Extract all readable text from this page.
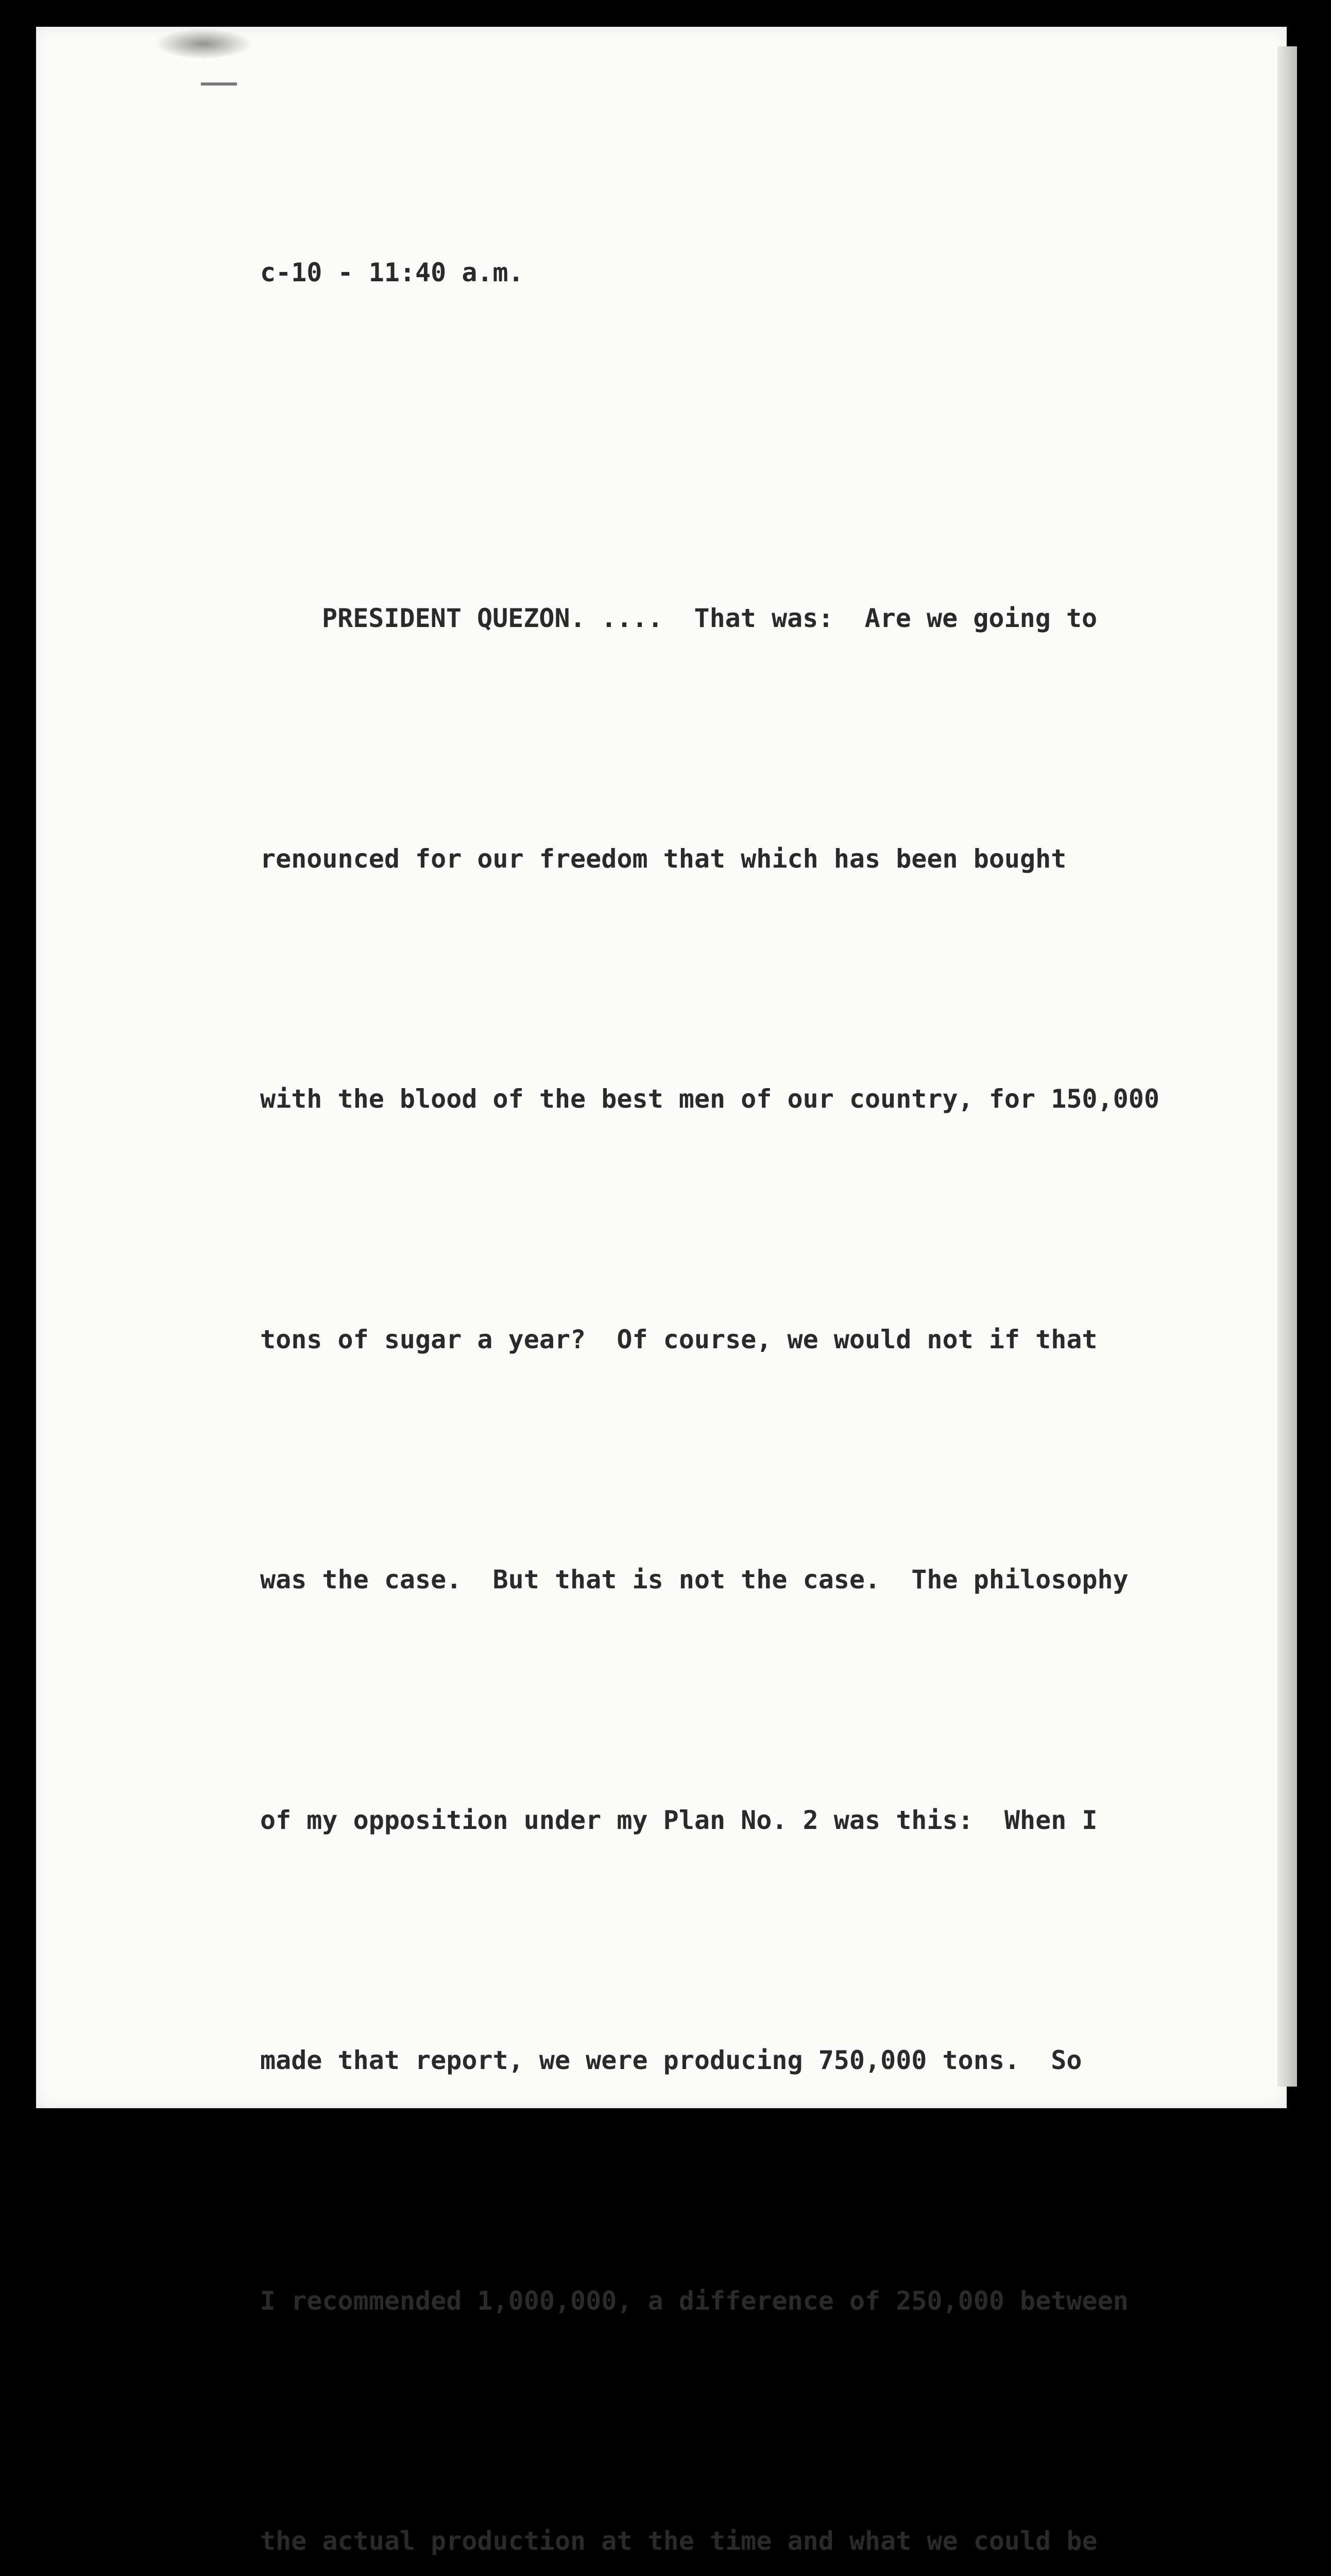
c-10 - 11:40 a.m.

PRESIDENT QUEZON. ....  That was:  Are we going to

renounced for our freedom that which has been bought

with the blood of the best men of our country, for 150,000

tons of sugar a year?  Of course, we would not if that

was the case.  But that is not the case.  The philosophy

of my opposition under my Plan No. 2 was this:  When I

made that report, we were producing 750,000 tons.  So

I recommended 1,000,000, a difference of 250,000 between

the actual production at the time and what we could be
